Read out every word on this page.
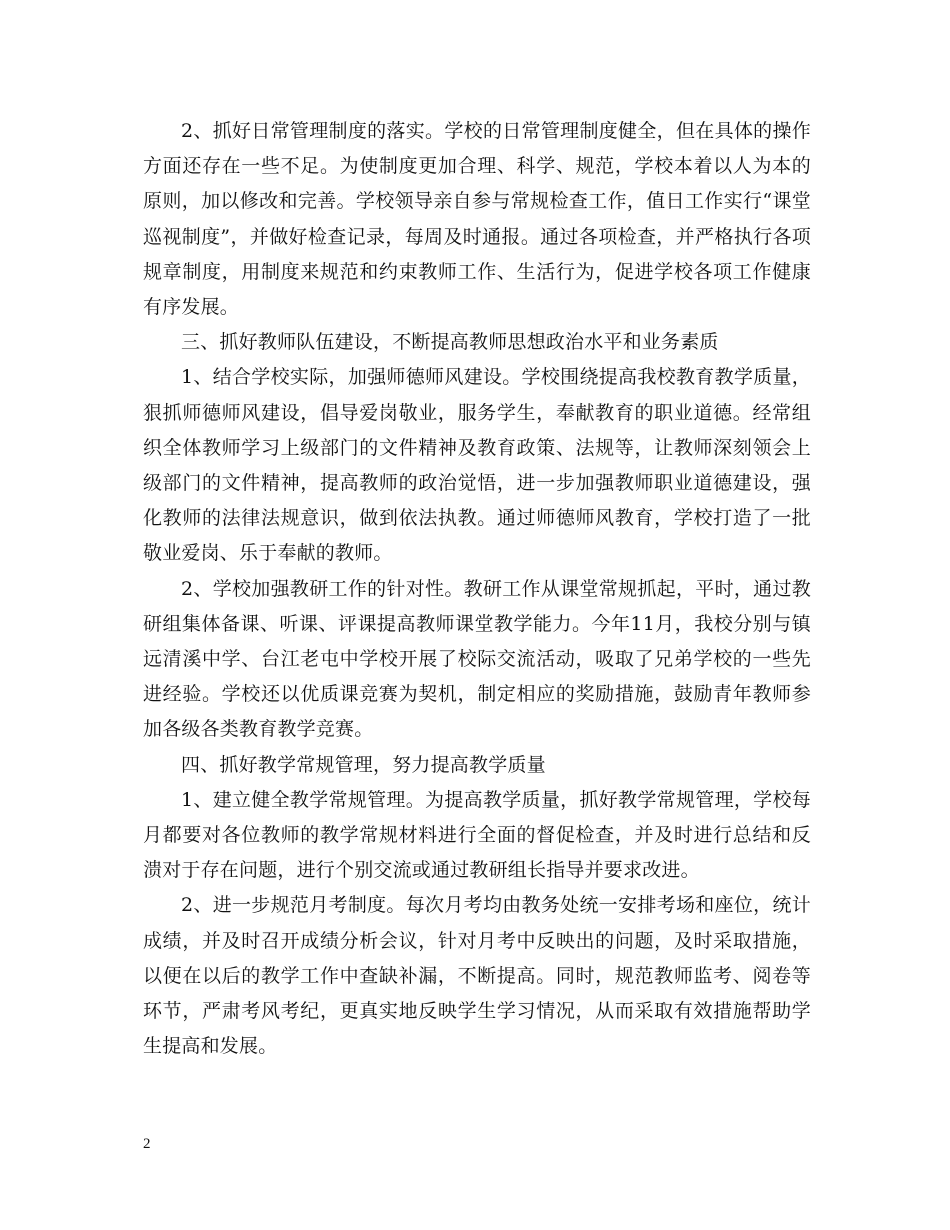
2、抓好日常管理制度的落实。学校的日常管理制度健全，但在具体的操作方面还存在一些不足。为使制度更加合理、科学、规范，学校本着以人为本的原则，加以修改和完善。学校领导亲自参与常规检查工作，值日工作实行“课堂巡视制度”，并做好检查记录，每周及时通报。通过各项检查，并严格执行各项规章制度，用制度来规范和约束教师工作、生活行为，促进学校各项工作健康有序发展。

三、抓好教师队伍建设，不断提高教师思想政治水平和业务素质

1、结合学校实际，加强师德师风建设。学校围绕提高我校教育教学质量，狠抓师德师风建设，倡导爱岗敬业，服务学生，奉献教育的职业道德。经常组织全体教师学习上级部门的文件精神及教育政策、法规等，让教师深刻领会上级部门的文件精神，提高教师的政治觉悟，进一步加强教师职业道德建设，强化教师的法律法规意识，做到依法执教。通过师德师风教育，学校打造了一批敬业爱岗、乐于奉献的教师。

2、学校加强教研工作的针对性。教研工作从课堂常规抓起，平时，通过教研组集体备课、听课、评课提高教师课堂教学能力。今年11月，我校分别与镇远清溪中学、台江老屯中学校开展了校际交流活动，吸取了兄弟学校的一些先进经验。学校还以优质课竞赛为契机，制定相应的奖励措施，鼓励青年教师参加各级各类教育教学竞赛。

四、抓好教学常规管理，努力提高教学质量

1、建立健全教学常规管理。为提高教学质量，抓好教学常规管理，学校每月都要对各位教师的教学常规材料进行全面的督促检查，并及时进行总结和反溃对于存在问题，进行个别交流或通过教研组长指导并要求改进。

2、进一步规范月考制度。每次月考均由教务处统一安排考场和座位，统计成绩，并及时召开成绩分析会议，针对月考中反映出的问题，及时采取措施，以便在以后的教学工作中查缺补漏，不断提高。同时，规范教师监考、阅卷等环节，严肃考风考纪，更真实地反映学生学习情况，从而采取有效措施帮助学生提高和发展。

2
